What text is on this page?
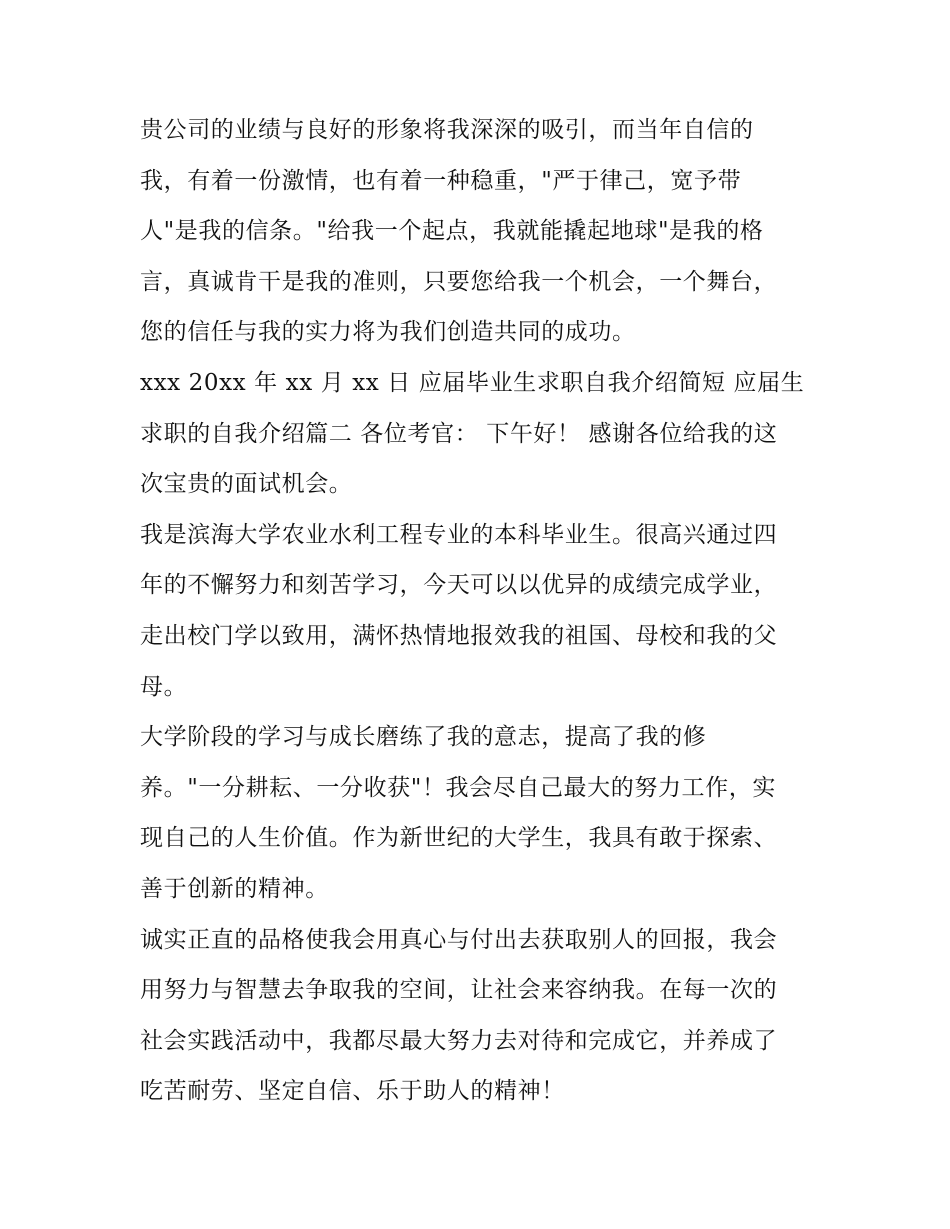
贵公司的业绩与良好的形象将我深深的吸引，而当年自信的
我，有着一份激情，也有着一种稳重，"严于律己，宽予带
人"是我的信条。"给我一个起点，我就能撬起地球"是我的格
言，真诚肯干是我的准则，只要您给我一个机会，一个舞台，
您的信任与我的实力将为我们创造共同的成功。
xxx 20xx 年 xx 月 xx 日 应届毕业生求职自我介绍简短 应届生
求职的自我介绍篇二 各位考官： 下午好！ 感谢各位给我的这
次宝贵的面试机会。
我是滨海大学农业水利工程专业的本科毕业生。很高兴通过四
年的不懈努力和刻苦学习，今天可以以优异的成绩完成学业，
走出校门学以致用，满怀热情地报效我的祖国、母校和我的父
母。
大学阶段的学习与成长磨练了我的意志，提高了我的修
养。"一分耕耘、一分收获"！我会尽自己最大的努力工作，实
现自己的人生价值。作为新世纪的大学生，我具有敢于探索、
善于创新的精神。
诚实正直的品格使我会用真心与付出去获取别人的回报，我会
用努力与智慧去争取我的空间，让社会来容纳我。在每一次的
社会实践活动中，我都尽最大努力去对待和完成它，并养成了
吃苦耐劳、坚定自信、乐于助人的精神！
